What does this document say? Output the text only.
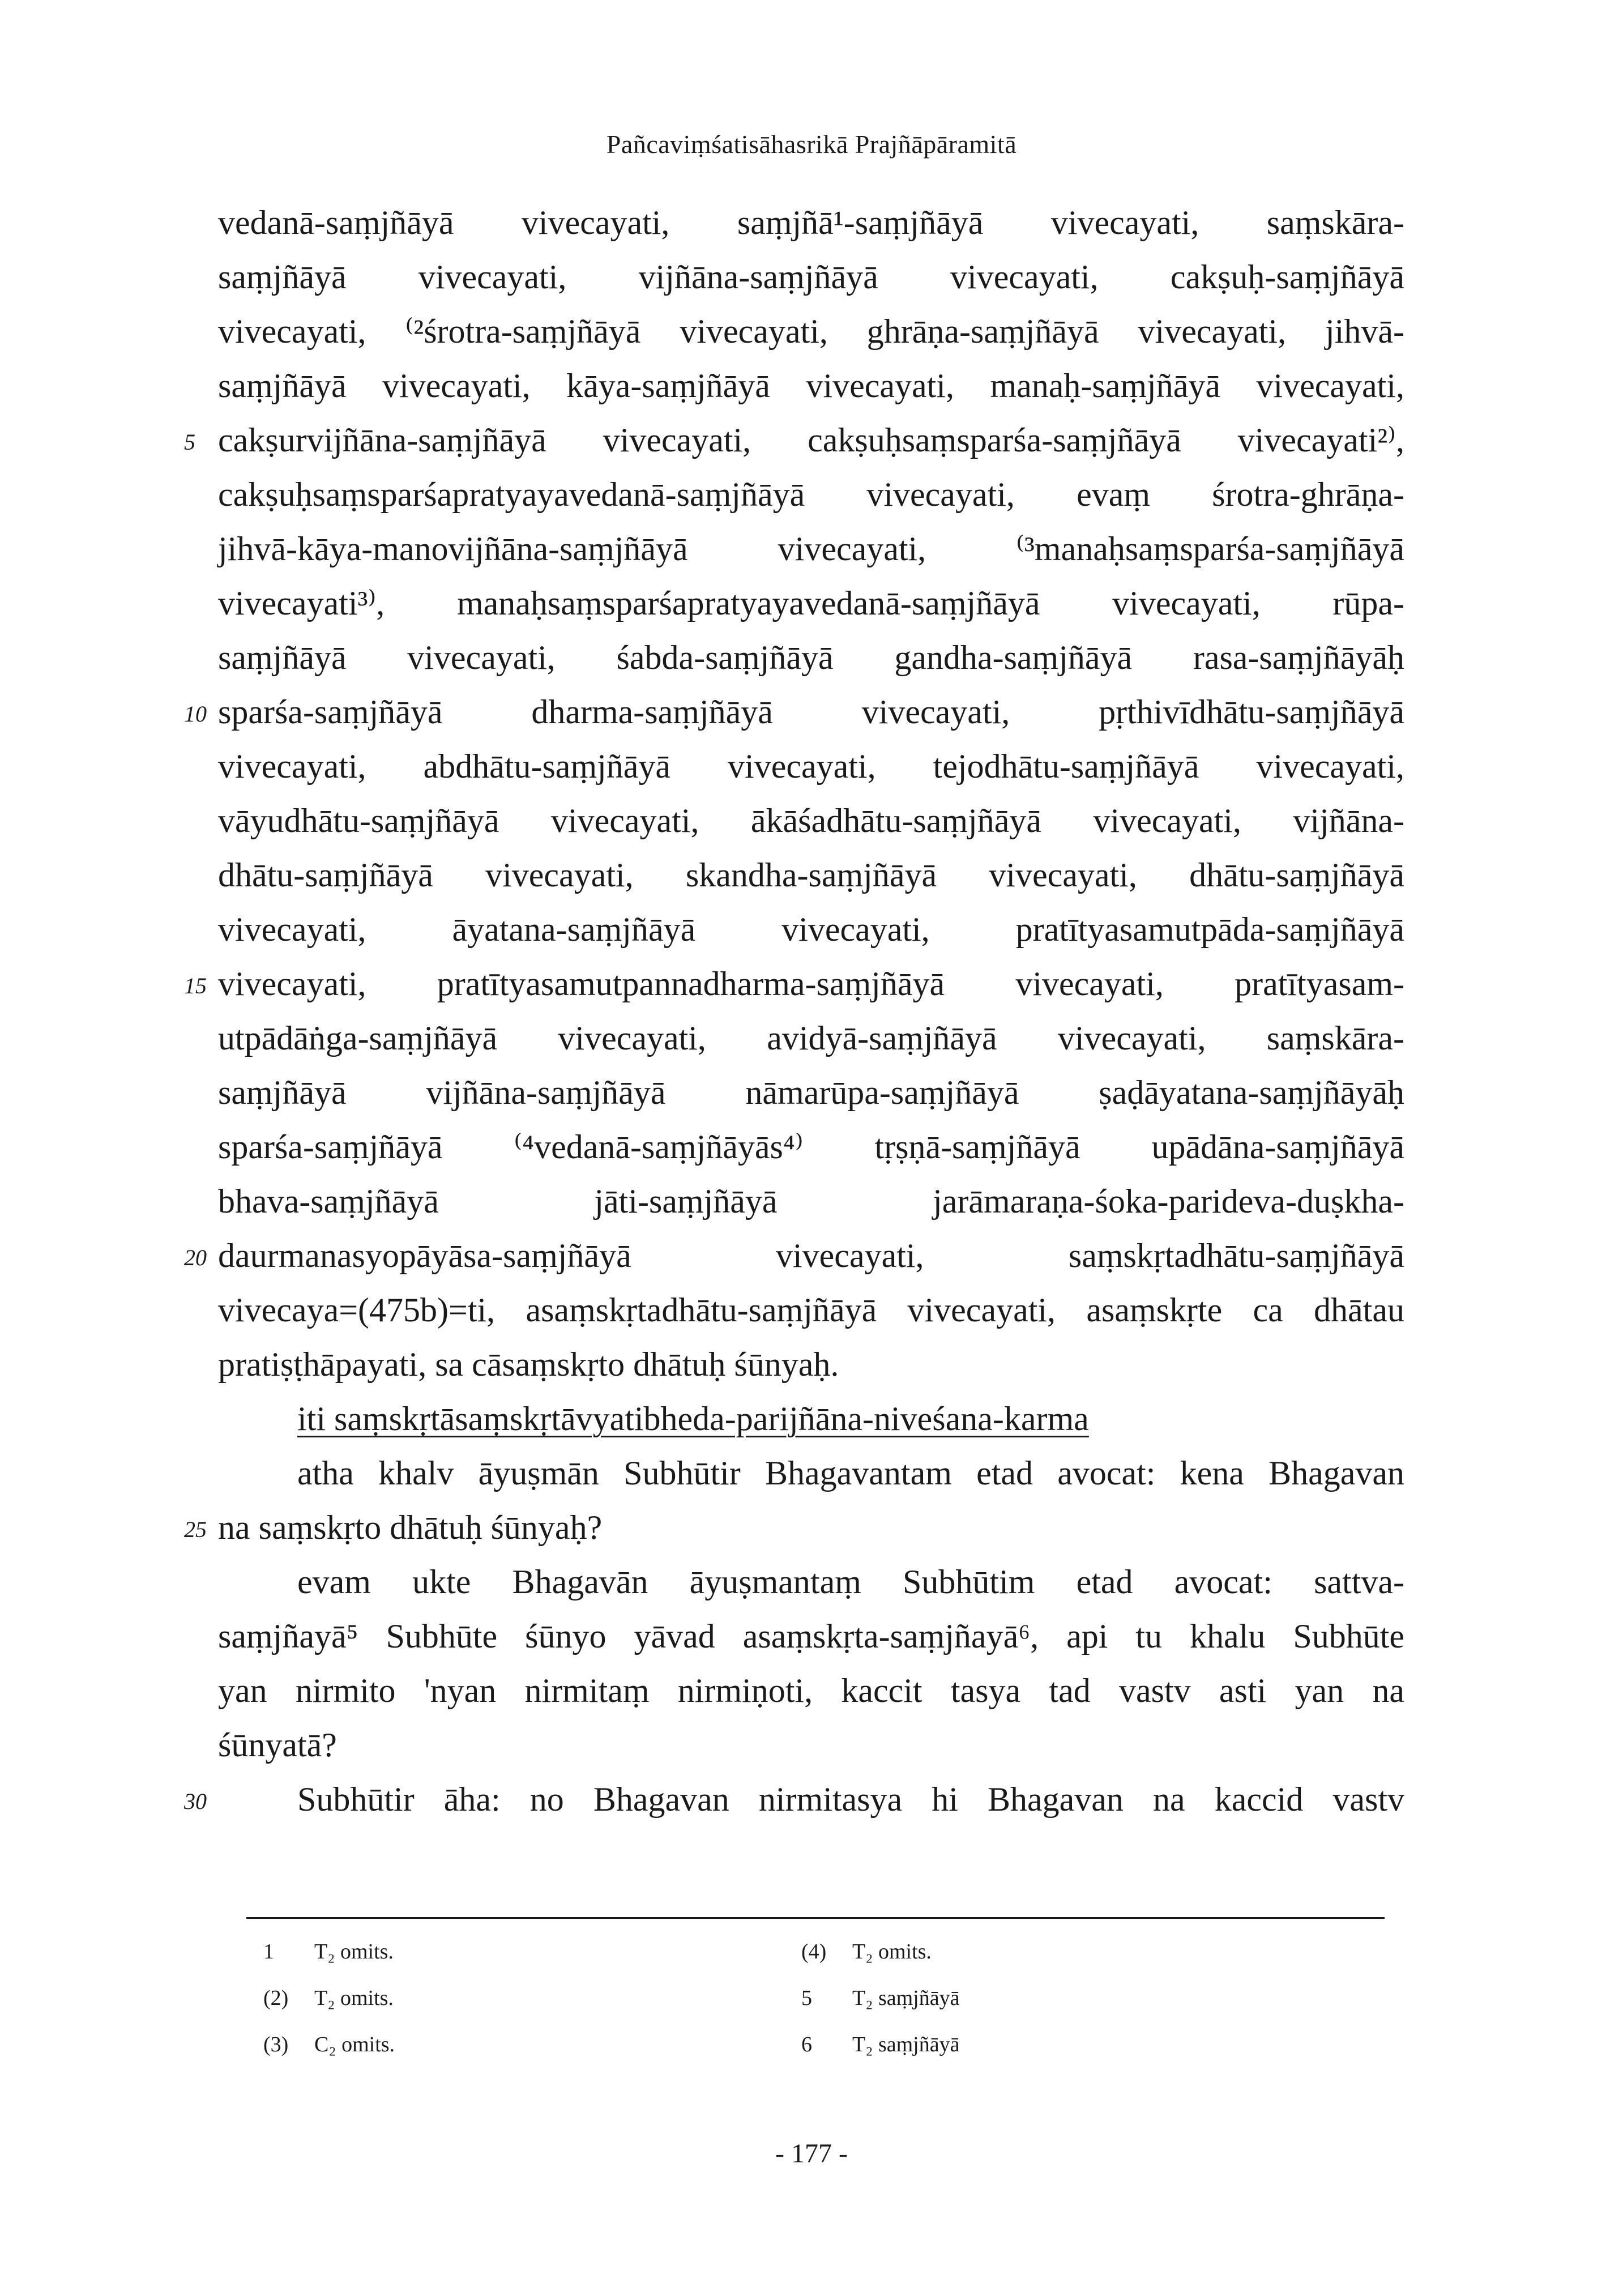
Pañcaviṃśatisāhasrikā Prajñāpāramitā
vedanā-saṃjñāyā vivecayati, saṃjñā¹-saṃjñāyā vivecayati, saṃskāra-
saṃjñāyā vivecayati, vijñāna-saṃjñāyā vivecayati, cakṣuḥ-saṃjñāyā
vivecayati, ⁽²śrotra-saṃjñāyā vivecayati, ghrāṇa-saṃjñāyā vivecayati, jihvā-
saṃjñāyā vivecayati, kāya-saṃjñāyā vivecayati, manaḥ-saṃjñāyā vivecayati,
5 cakṣurvijñāna-saṃjñāyā vivecayati, cakṣuḥsaṃsparśa-saṃjñāyā vivecayati²⁾,
cakṣuḥsaṃsparśapratyayavedanā-saṃjñāyā vivecayati, evaṃ śrotra-ghrāṇa-
jihvā-kāya-manovijñāna-saṃjñāyā vivecayati, ⁽³manaḥsaṃsparśa-saṃjñāyā
vivecayati³⁾, manaḥsaṃsparśapratyayavedanā-saṃjñāyā vivecayati, rūpa-
saṃjñāyā vivecayati, śabda-saṃjñāyā gandha-saṃjñāyā rasa-saṃjñāyāḥ
10 sparśa-saṃjñāyā dharma-saṃjñāyā vivecayati, pṛthivīdhātu-saṃjñāyā
vivecayati, abdhātu-saṃjñāyā vivecayati, tejodhātu-saṃjñāyā vivecayati,
vāyudhātu-saṃjñāyā vivecayati, ākāśadhātu-saṃjñāyā vivecayati, vijñāna-
dhātu-saṃjñāyā vivecayati, skandha-saṃjñāyā vivecayati, dhātu-saṃjñāyā
vivecayati, āyatana-saṃjñāyā vivecayati, pratītyasamutpāda-saṃjñāyā
15 vivecayati, pratītyasamutpannadharma-saṃjñāyā vivecayati, pratītyasam-
utpādāṅga-saṃjñāyā vivecayati, avidyā-saṃjñāyā vivecayati, saṃskāra-
saṃjñāyā vijñāna-saṃjñāyā nāmarūpa-saṃjñāyā ṣaḍāyatana-saṃjñāyāḥ
sparśa-saṃjñāyā ⁽⁴vedanā-saṃjñāyās⁴⁾ tṛṣṇā-saṃjñāyā upādāna-saṃjñāyā
bhava-saṃjñāyā jāti-saṃjñāyā jarāmaraṇa-śoka-parideva-duṣkha-
20 daurmanasyopāyāsa-saṃjñāyā vivecayati, saṃskṛtadhātu-saṃjñāyā
vivecaya=(475b)=ti, asaṃskṛtadhātu-saṃjñāyā vivecayati, asaṃskṛte ca dhātau
pratiṣṭhāpayati, sa cāsaṃskṛto dhātuḥ śūnyaḥ.
iti saṃskṛtāsaṃskṛtāvyatibheda-parijñāna-niveśana-karma
atha khalv āyuṣmān Subhūtir Bhagavantam etad avocat: kena Bhagavan
25 na saṃskṛto dhātuḥ śūnyaḥ?
evam ukte Bhagavān āyuṣmantaṃ Subhūtim etad avocat: sattva-
saṃjñayā⁵ Subhūte śūnyo yāvad asaṃskṛta-saṃjñayā⁶, api tu khalu Subhūte
yan nirmito 'nyan nirmitaṃ nirmiṇoti, kaccit tasya tad vastv asti yan na
śūnyatā?
30	Subhūtir āha: no Bhagavan nirmitasya hi Bhagavan na kaccid vastv
1 T₂ omits.
(2) T₂ omits.
(3) C₂ omits.
(4) T₂ omits.
5 T₂ saṃjñāyā
6 T₂ saṃjñāyā
- 177 -
